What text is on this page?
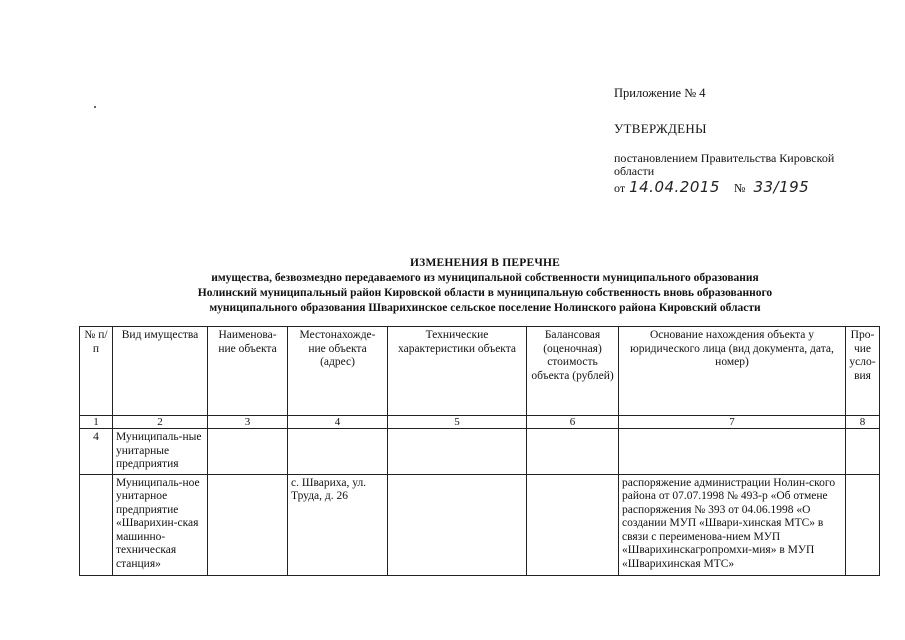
Приложение № 4
УТВЕРЖДЕНЫ
постановлением Правительства Кировской области
от 14.04.2015 № 33/195
ИЗМЕНЕНИЯ В ПЕРЕЧНЕ
имущества, безвозмездно передаваемого из муниципальной собственности муниципального образования
Нолинский муниципальный район Кировской области в муниципальную собственность вновь образованного
муниципального образования Шварихинское сельское поселение Нолинского района Кировский области
№ п/п	Вид имущества	Наименова-ние объекта	Местонахожде-ние объекта (адрес)	Технические характеристики объекта	Балансовая (оценочная) стоимость объекта (рублей)	Основание нахождения объекта у юридического лица (вид документа, дата, номер)	Про-чие усло-вия
1	2	3	4	5	6	7	8
4	Муниципаль-ные унитарные предприятия						
	Муниципаль-ное унитарное предприятие «Шварихин-ская машинно-техническая станция»		с. Швариха, ул. Труда, д. 26			распоряжение администрации Нолин-ского района от 07.07.1998 № 493-р «Об отмене распоряжения № 393 от 04.06.1998 «О создании МУП «Швари-хинская МТС» в связи с переименова-нием МУП «Шварихинскагропромхи-мия» в МУП «Шварихинская МТС»	
